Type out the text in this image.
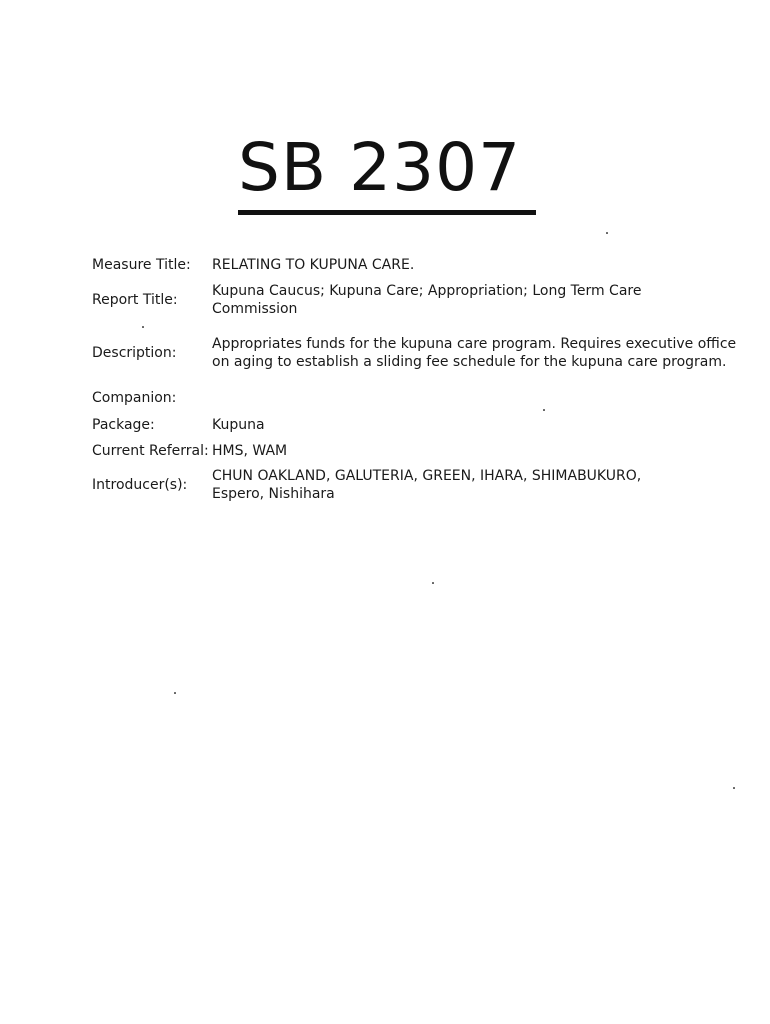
SB 2307
Measure Title:	RELATING TO KUPUNA CARE.
Report Title:	Kupuna Caucus; Kupuna Care; Appropriation; Long Term Care Commission
Description:	Appropriates funds for the kupuna care program. Requires executive office on aging to establish a sliding fee schedule for the kupuna care program.
Companion:	
Package:	Kupuna
Current Referral:	HMS, WAM
Introducer(s):	CHUN OAKLAND, GALUTERIA, GREEN, IHARA, SHIMABUKURO, Espero, Nishihara
